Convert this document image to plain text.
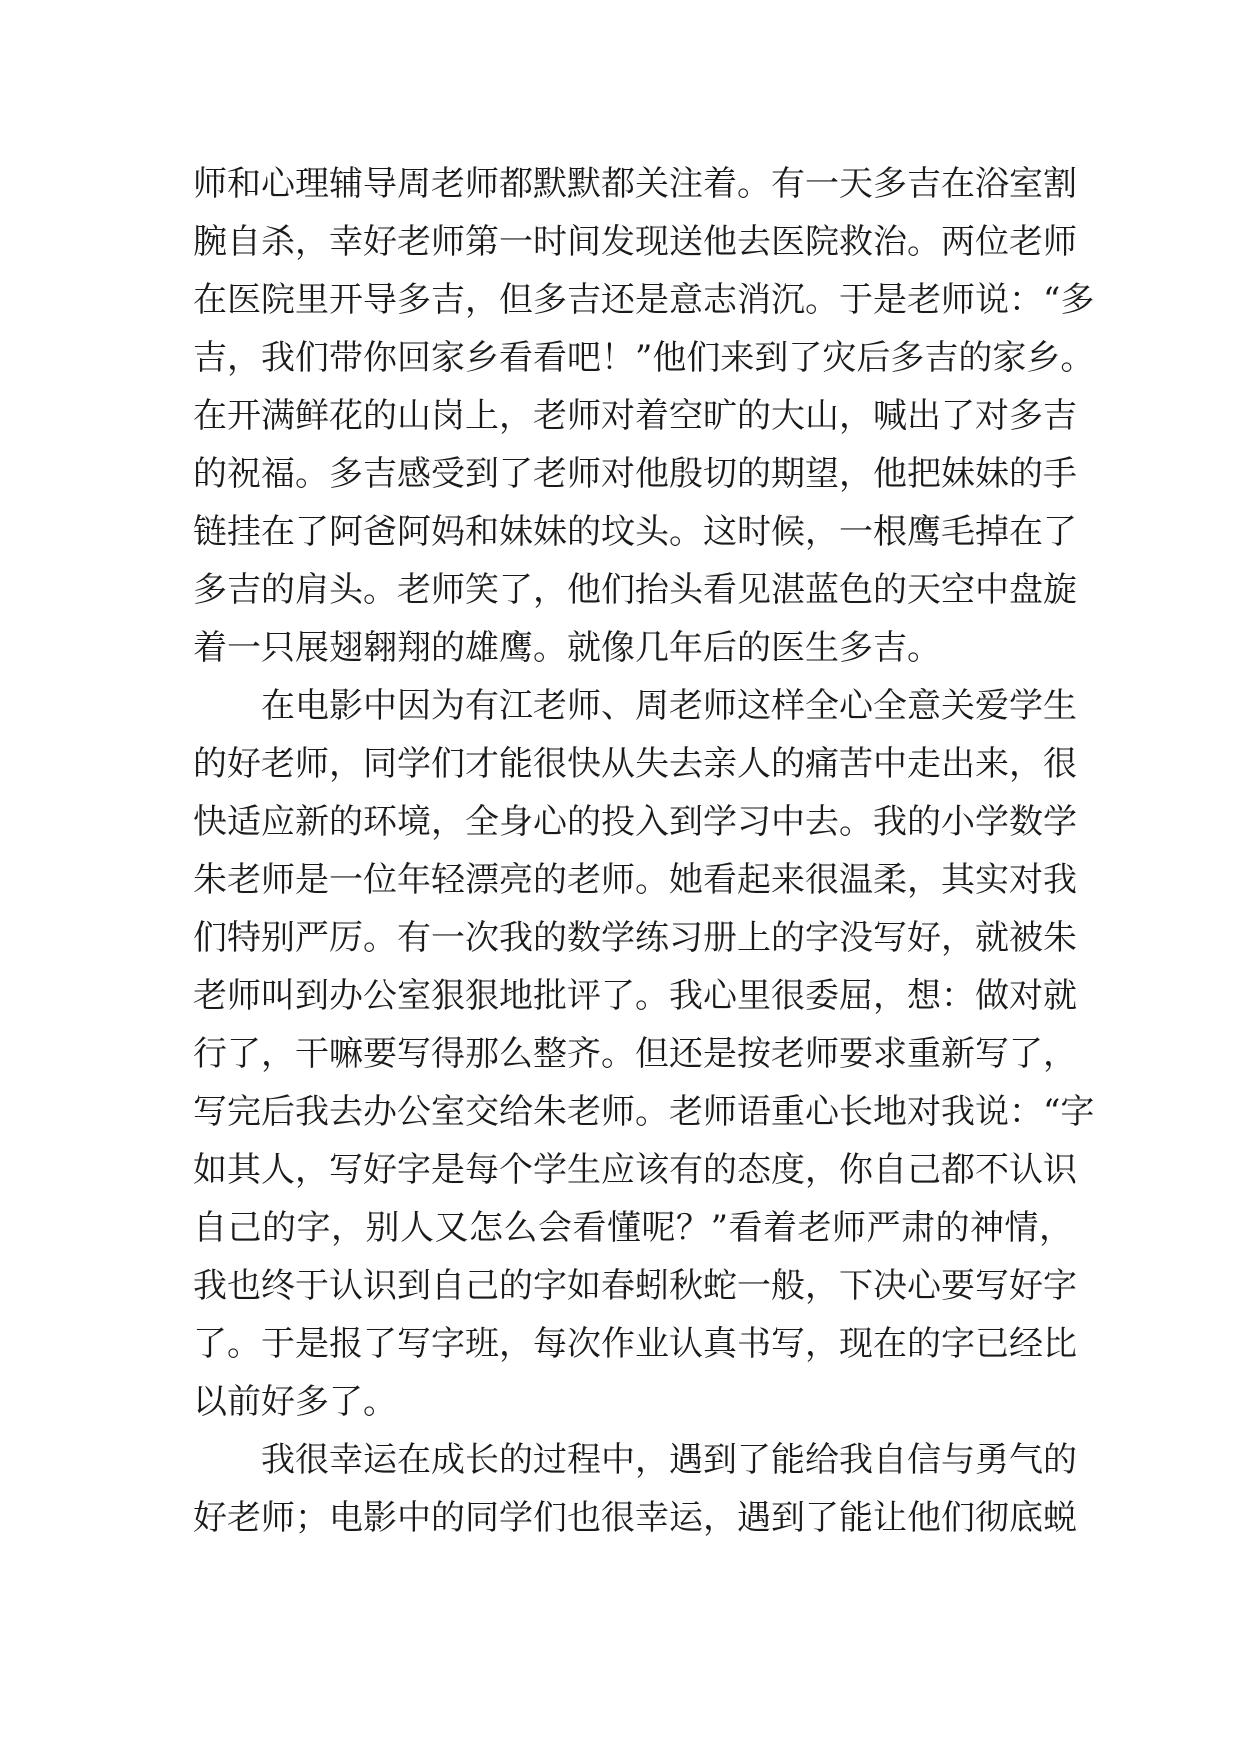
师和心理辅导周老师都默默都关注着。有一天多吉在浴室割
腕自杀，幸好老师第一时间发现送他去医院救治。两位老师
在医院里开导多吉，但多吉还是意志消沉。于是老师说：“多
吉，我们带你回家乡看看吧！”他们来到了灾后多吉的家乡。
在开满鲜花的山岗上，老师对着空旷的大山，喊出了对多吉
的祝福。多吉感受到了老师对他殷切的期望，他把妹妹的手
链挂在了阿爸阿妈和妹妹的坟头。这时候，一根鹰毛掉在了
多吉的肩头。老师笑了，他们抬头看见湛蓝色的天空中盘旋
着一只展翅翱翔的雄鹰。就像几年后的医生多吉。
在电影中因为有江老师、周老师这样全心全意关爱学生
的好老师，同学们才能很快从失去亲人的痛苦中走出来，很
快适应新的环境，全身心的投入到学习中去。我的小学数学
朱老师是一位年轻漂亮的老师。她看起来很温柔，其实对我
们特别严厉。有一次我的数学练习册上的字没写好，就被朱
老师叫到办公室狠狠地批评了。我心里很委屈，想：做对就
行了，干嘛要写得那么整齐。但还是按老师要求重新写了，
写完后我去办公室交给朱老师。老师语重心长地对我说：“字
如其人，写好字是每个学生应该有的态度，你自己都不认识
自己的字，别人又怎么会看懂呢？”看着老师严肃的神情，
我也终于认识到自己的字如春蚓秋蛇一般，下决心要写好字
了。于是报了写字班，每次作业认真书写，现在的字已经比
以前好多了。
我很幸运在成长的过程中，遇到了能给我自信与勇气的
好老师；电影中的同学们也很幸运，遇到了能让他们彻底蜕
